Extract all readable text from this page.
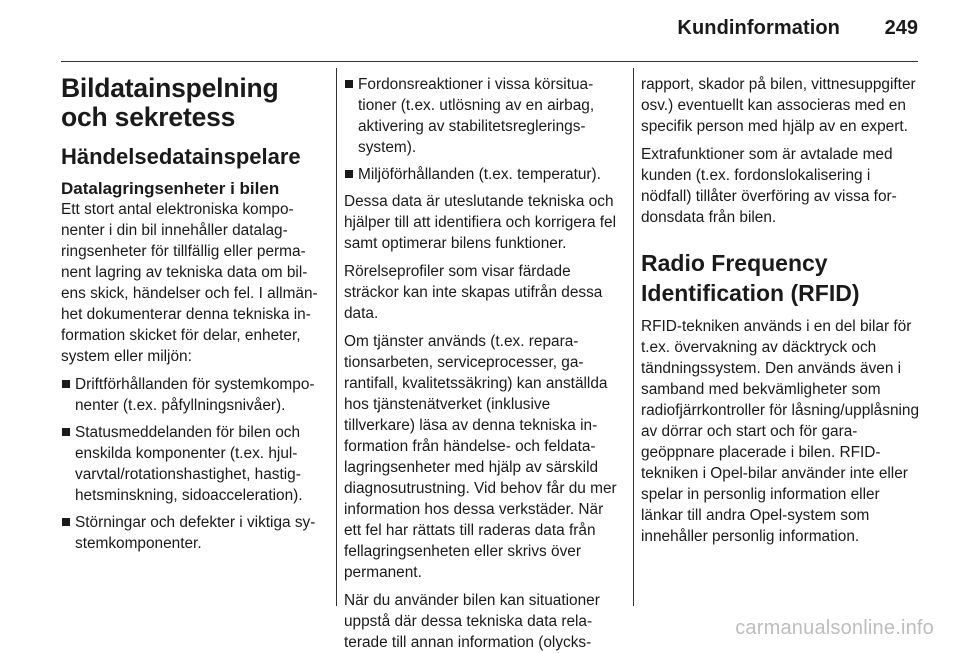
Kundinformation 249
Bildatainspelning och sekretess
Händelsedatainspelare
Datalagringsenheter i bilen

Ett stort antal elektroniska komponenter i din bil innehåller datalagringsenheter för tillfällig eller permanent lagring av tekniska data om bilens skick, händelser och fel. I allmänhet dokumenterar denna tekniska information skicket för delar, enheter, system eller miljön:

Driftförhållanden för systemkomponenter (t.ex. påfyllningsnivåer).
Statusmeddelanden för bilen och enskilda komponenter (t.ex. hjulvarvtal/rotationshastighet, hastighetsminskning, sidoacceleration).
Störningar och defekter i viktiga systemkomponenter.
Fordonsreaktioner i vissa körsituationer (t.ex. utlösning av en airbag, aktivering av stabilitetsregleringssystem).
Miljöförhållanden (t.ex. temperatur).

Dessa data är uteslutande tekniska och hjälper till att identifiera och korrigera fel samt optimerar bilens funktioner.

Rörelseprofiler som visar färdade sträckor kan inte skapas utifrån dessa data.

Om tjänster används (t.ex. reparationsarbeten, serviceprocesser, garantifall, kvalitetssäkring) kan anställda hos tjänstenätverket (inklusive tillverkare) läsa av denna tekniska information från händelse- och feldatalagringsenheter med hjälp av särskild diagnosutrustning. Vid behov får du mer information hos dessa verkstäder. När ett fel har rättats till raderas data från fellagringsenheten eller skrivs över permanent.

När du använder bilen kan situationer uppstå där dessa tekniska data relaterade till annan information (olycks-

rapport, skador på bilen, vittnesuppgifter osv.) eventuellt kan associeras med en specifik person med hjälp av en expert.

Extrafunktioner som är avtalade med kunden (t.ex. fordonslokalisering i nödfall) tillåter överföring av vissa fordonsdata från bilen.

Radio Frequency Identification (RFID)

RFID-tekniken används i en del bilar för t.ex. övervakning av däcktryck och tändningssystem. Den används även i samband med bekvämligheter som radiofjärrkontroller för låsning/upplåsning av dörrar och start och för garageöppnare placerade i bilen. RFID-tekniken i Opel-bilar använder inte eller spelar in personlig information eller länkar till andra Opel-system som innehåller personlig information.

carmanualsonline.info
